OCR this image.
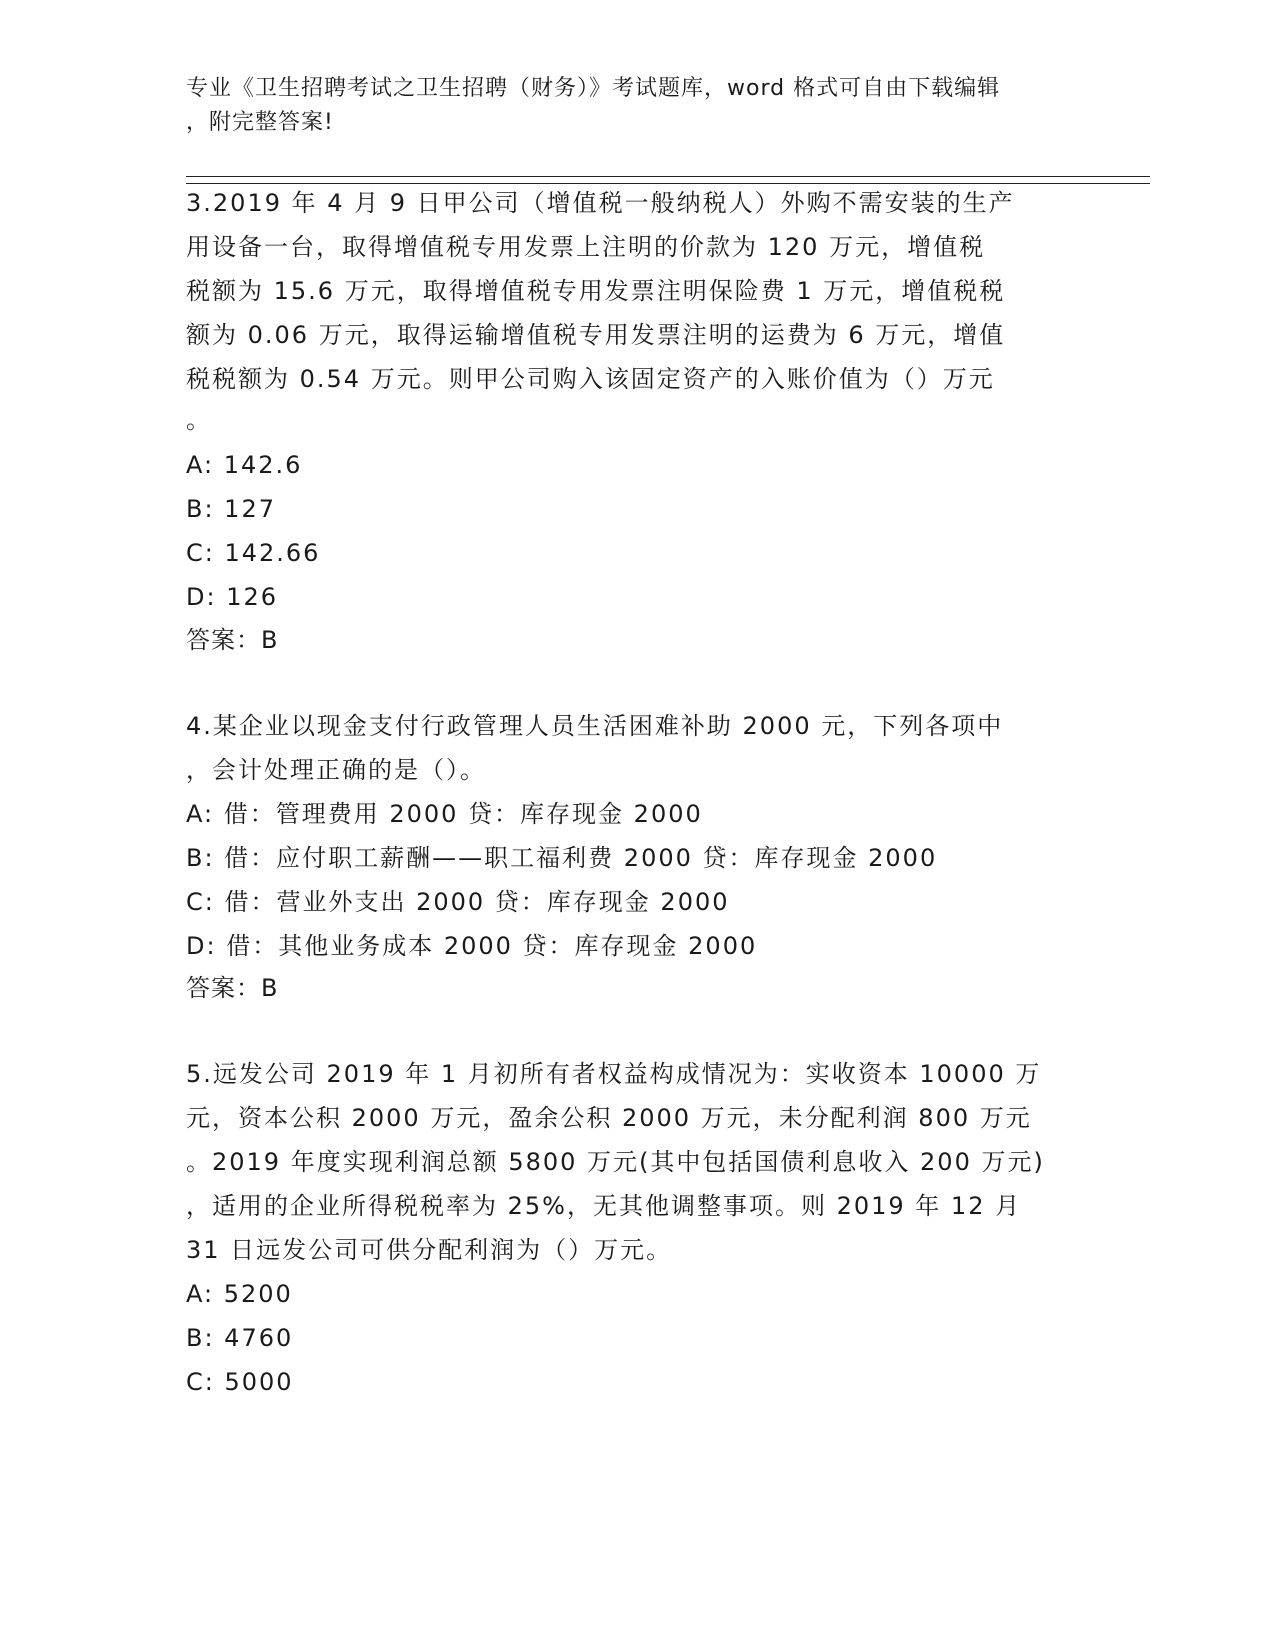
专业《卫生招聘考试之卫生招聘（财务）》考试题库，word 格式可自由下载编辑
，附完整答案!
3.2019 年 4 月 9 日甲公司（增值税一般纳税人）外购不需安装的生产
用设备一台，取得增值税专用发票上注明的价款为 120 万元，增值税
税额为 15.6 万元，取得增值税专用发票注明保险费 1 万元，增值税税
额为 0.06 万元，取得运输增值税专用发票注明的运费为 6 万元，增值
税税额为 0.54 万元。则甲公司购入该固定资产的入账价值为（）万元
。
A: 142.6
B: 127
C: 142.66
D: 126
答案：B
4.某企业以现金支付行政管理人员生活困难补助 2000 元，下列各项中
，会计处理正确的是（）。
A: 借：管理费用 2000 贷：库存现金 2000
B: 借：应付职工薪酬——职工福利费 2000 贷：库存现金 2000
C: 借：营业外支出 2000 贷：库存现金 2000
D: 借：其他业务成本 2000 贷：库存现金 2000
答案：B
5.远发公司 2019 年 1 月初所有者权益构成情况为：实收资本 10000 万
元，资本公积 2000 万元，盈余公积 2000 万元，未分配利润 800 万元
。2019 年度实现利润总额 5800 万元(其中包括国债利息收入 200 万元)
，适用的企业所得税税率为 25%，无其他调整事项。则 2019 年 12 月
31 日远发公司可供分配利润为（）万元。
A: 5200
B: 4760
C: 5000
